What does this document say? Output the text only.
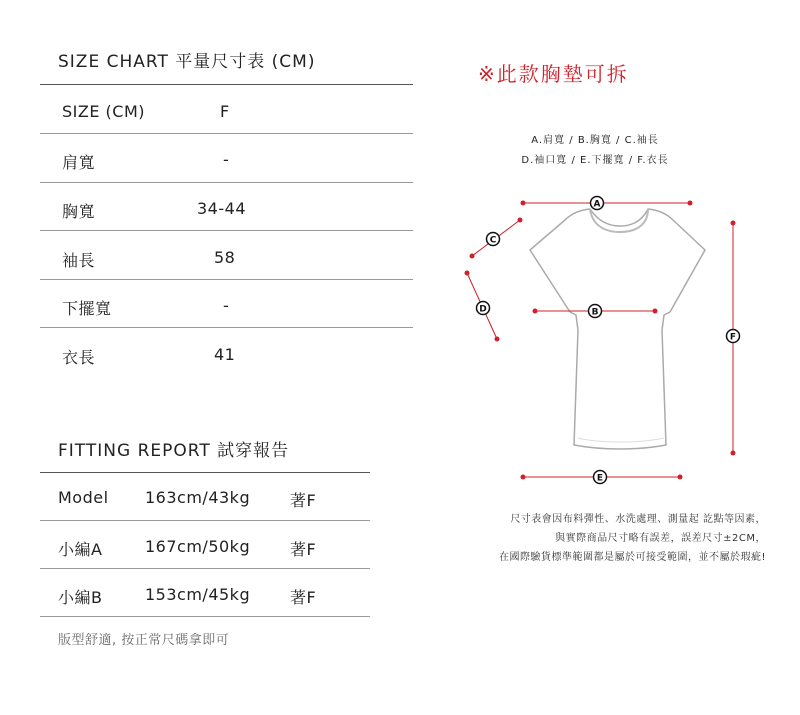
SIZE CHART 平量尺寸表 (CM)
SIZE (CM)	F
肩寬	-
胸寬	34-44
袖長	58
下擺寬	-
衣長	41
FITTING REPORT 試穿報告
Model 163cm/43kg 著F
小編A	167cm/50kg 著F
小編B	153cm/45kg 著F
版型舒適, 按正常尺碼拿即可
※此款胸墊可拆
A.肩寬 / B.胸寬 / C.袖長
D.袖口寬 / E.下擺寬 / F.衣長
A
C
D	B
F
E
尺寸表會因布料彈性、水洗處理、測量起 訖點等因素，
與實際商品尺寸略有誤差，誤差尺寸±2CM，
在國際驗貨標準範圍都是屬於可接受範圍，並不屬於瑕疵!
